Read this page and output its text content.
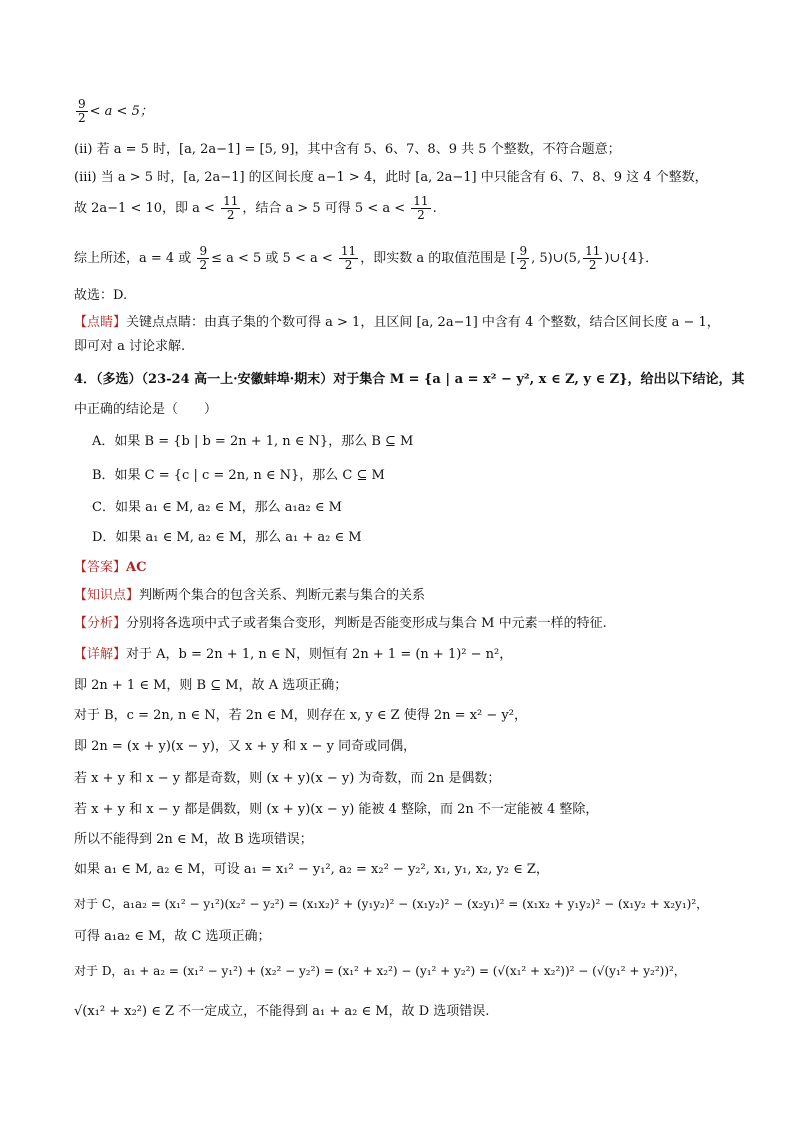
$\frac{9}{2} < a < 5$；
(ii) 若 a = 5 时，[a, 2a−1] = [5, 9]，其中含有 5、6、7、8、9 共 5 个整数，不符合题意；
(iii) 当 a > 5 时，[a, 2a−1] 的区间长度 a−1 > 4，此时 [a, 2a−1] 中只能含有 6、7、8、9 这 4 个整数，
故 2a−1 < 10，即 $a < \frac{11}{2}$ ，结合 a > 5 可得 $5 < a < \frac{11}{2}$ .
综上所述，a = 4 或 $\frac{9}{2} \le a < 5$ 或 $5 < a < \frac{11}{2}$ ，即实数 a 的取值范围是 [ $\frac{9}{2}$ , 5)∪(5, $\frac{11}{2}$ )∪{4}．
故选：D.
【点睛】关键点点睛：由真子集的个数可得 a > 1，且区间 [a, 2a−1] 中含有 4 个整数，结合区间长度 a − 1，
即可对 a 讨论求解.
4．（多选）（23-24 高一上·安徽蚌埠·期末）对于集合 M = {a | a = x² − y², x ∈ Z, y ∈ Z}，给出以下结论，其
中正确的结论是（　　）
A．如果 B = {b | b = 2n + 1, n ∈ N}，那么 B ⊆ M
B．如果 C = {c | c = 2n, n ∈ N}，那么 C ⊆ M
C．如果 a₁ ∈ M, a₂ ∈ M，那么 a₁a₂ ∈ M
D．如果 a₁ ∈ M, a₂ ∈ M，那么 a₁ + a₂ ∈ M
【答案】AC
【知识点】判断两个集合的包含关系、判断元素与集合的关系
【分析】分别将各选项中式子或者集合变形，判断是否能变形成与集合 M 中元素一样的特征.
【详解】对于 A，b = 2n + 1, n ∈ N，则恒有 2n + 1 = (n + 1)² − n²，
即 2n + 1 ∈ M，则 B ⊆ M，故 A 选项正确；
对于 B，c = 2n, n ∈ N，若 2n ∈ M，则存在 x, y ∈ Z 使得 2n = x² − y²，
即 2n = (x + y)(x − y)，又 x + y 和 x − y 同奇或同偶，
若 x + y 和 x − y 都是奇数，则 (x + y)(x − y) 为奇数，而 2n 是偶数；
若 x + y 和 x − y 都是偶数，则 (x + y)(x − y) 能被 4 整除，而 2n 不一定能被 4 整除，
所以不能得到 2n ∈ M，故 B 选项错误；
如果 a₁ ∈ M, a₂ ∈ M，可设 a₁ = x₁² − y₁², a₂ = x₂² − y₂², x₁, y₁, x₂, y₂ ∈ Z，
对于 C，a₁a₂ = (x₁² − y₁²)(x₂² − y₂²) = (x₁x₂)² + (y₁y₂)² − (x₁y₂)² − (x₂y₁)² = (x₁x₂ + y₁y₂)² − (x₁y₂ + x₂y₁)²，
可得 a₁a₂ ∈ M，故 C 选项正确；
对于 D，a₁ + a₂ = (x₁² − y₁²) + (x₂² − y₂²) = (x₁² + x₂²) − (y₁² + y₂²) = (√(x₁² + x₂²))² − (√(y₁² + y₂²))²，
√(x₁² + x₂²) ∈ Z 不一定成立，不能得到 a₁ + a₂ ∈ M，故 D 选项错误.
